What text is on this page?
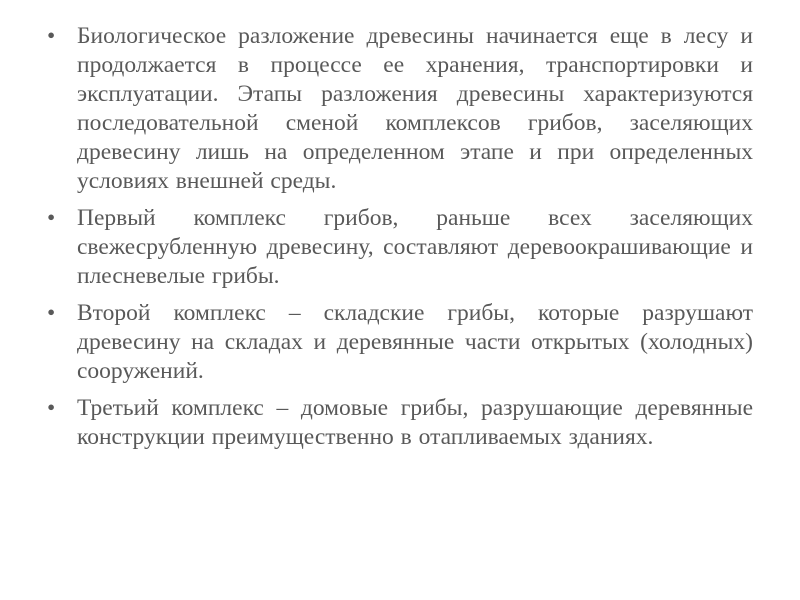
• Биологическое разложение древесины начинается еще в лесу и продолжается в процессе ее хранения, транспортировки и эксплуатации. Этапы разложения древесины характеризуются последовательной сменой комплексов грибов, заселяющих древесину лишь на определенном этапе и при определенных условиях внешней среды.
• Первый комплекс грибов, раньше всех заселяющих свежесрубленную древесину, составляют деревоокрашивающие и плесневелые грибы.
• Второй комплекс – складские грибы, которые разрушают древесину на складах и деревянные части открытых (холодных) сооружений.
• Третьий комплекс – домовые грибы, разрушающие деревянные конструкции преимущественно в отапливаемых зданиях.
